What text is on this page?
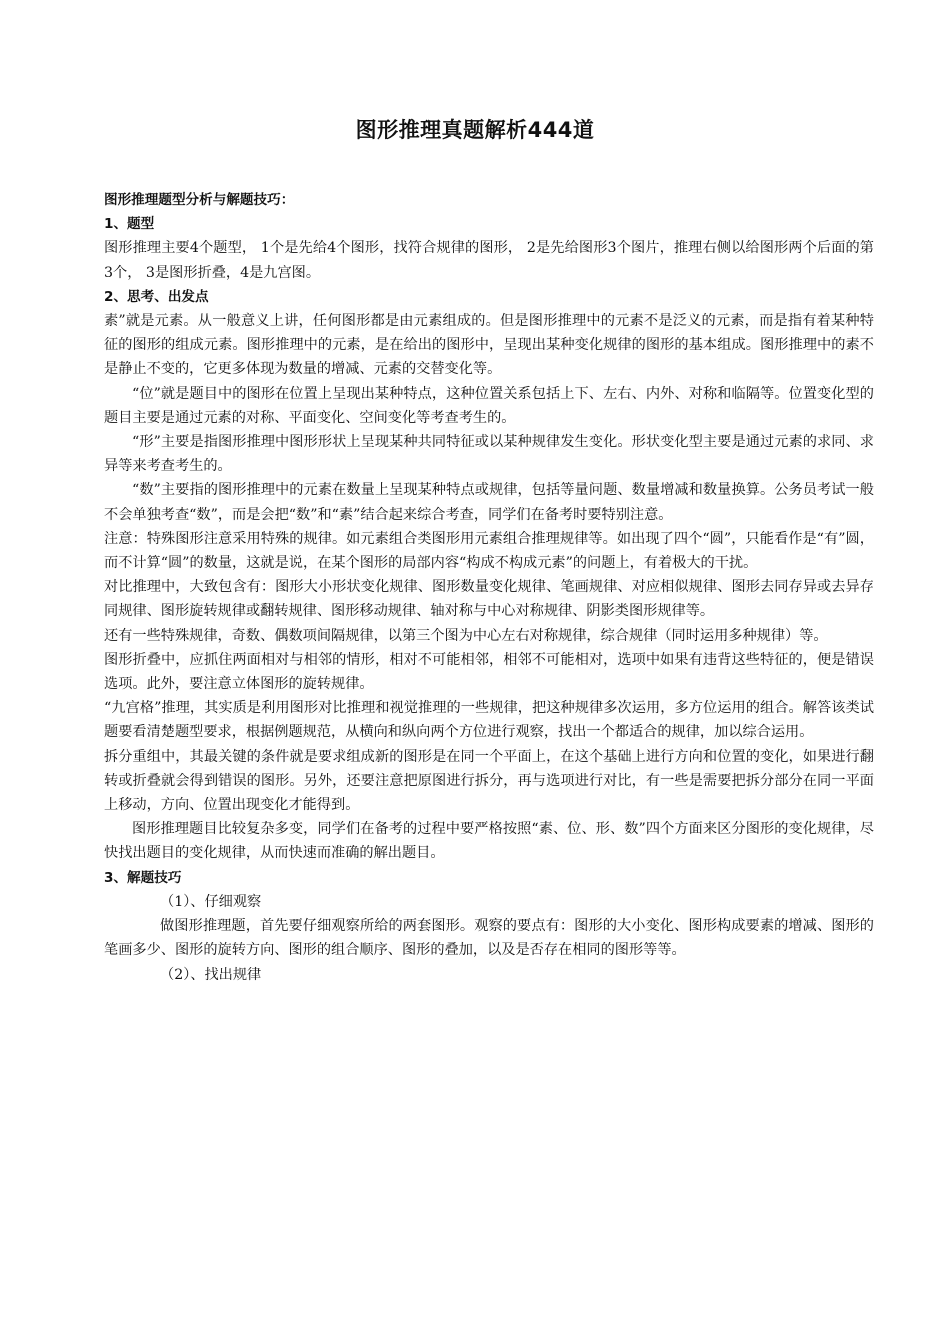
图形推理真题解析444道

图形推理题型分析与解题技巧：

1、题型

图形推理主要4个题型， 1个是先给4个图形，找符合规律的图形， 2是先给图形3个图片，推理右侧以给图形两个后面的第3个， 3是图形折叠，4是九宫图。

2、思考、出发点

素”就是元素。从一般意义上讲，任何图形都是由元素组成的。但是图形推理中的元素不是泛义的元素，而是指有着某种特征的图形的组成元素。图形推理中的元素，是在给出的图形中，呈现出某种变化规律的图形的基本组成。图形推理中的素不是静止不变的，它更多体现为数量的增减、元素的交替变化等。

“位”就是题目中的图形在位置上呈现出某种特点，这种位置关系包括上下、左右、内外、对称和临隔等。位置变化型的题目主要是通过元素的对称、平面变化、空间变化等考查考生的。

“形”主要是指图形推理中图形形状上呈现某种共同特征或以某种规律发生变化。形状变化型主要是通过元素的求同、求异等来考查考生的。

“数”主要指的图形推理中的元素在数量上呈现某种特点或规律，包括等量问题、数量增减和数量换算。公务员考试一般不会单独考查“数”，而是会把“数”和“素”结合起来综合考查，同学们在备考时要特别注意。

注意：特殊图形注意采用特殊的规律。如元素组合类图形用元素组合推理规律等。如出现了四个“圆”，只能看作是“有”圆，而不计算“圆”的数量，这就是说，在某个图形的局部内容“构成不构成元素”的问题上，有着极大的干扰。

对比推理中，大致包含有：图形大小形状变化规律、图形数量变化规律、笔画规律、对应相似规律、图形去同存异或去异存同规律、图形旋转规律或翻转规律、图形移动规律、轴对称与中心对称规律、阴影类图形规律等。

还有一些特殊规律，奇数、偶数项间隔规律，以第三个图为中心左右对称规律，综合规律（同时运用多种规律）等。

图形折叠中，应抓住两面相对与相邻的情形，相对不可能相邻，相邻不可能相对，选项中如果有违背这些特征的，便是错误选项。此外，要注意立体图形的旋转规律。

“九宫格”推理，其实质是利用图形对比推理和视觉推理的一些规律，把这种规律多次运用，多方位运用的组合。解答该类试题要看清楚题型要求，根据例题规范，从横向和纵向两个方位进行观察，找出一个都适合的规律，加以综合运用。

拆分重组中，其最关键的条件就是要求组成新的图形是在同一个平面上，在这个基础上进行方向和位置的变化，如果进行翻转或折叠就会得到错误的图形。另外，还要注意把原图进行拆分，再与选项进行对比，有一些是需要把拆分部分在同一平面上移动，方向、位置出现变化才能得到。

图形推理题目比较复杂多变，同学们在备考的过程中要严格按照“素、位、形、数”四个方面来区分图形的变化规律，尽快找出题目的变化规律，从而快速而准确的解出题目。

3、解题技巧

（1）、仔细观察

做图形推理题，首先要仔细观察所给的两套图形。观察的要点有：图形的大小变化、图形构成要素的增减、图形的笔画多少、图形的旋转方向、图形的组合顺序、图形的叠加，以及是否存在相同的图形等等。

（2）、找出规律
